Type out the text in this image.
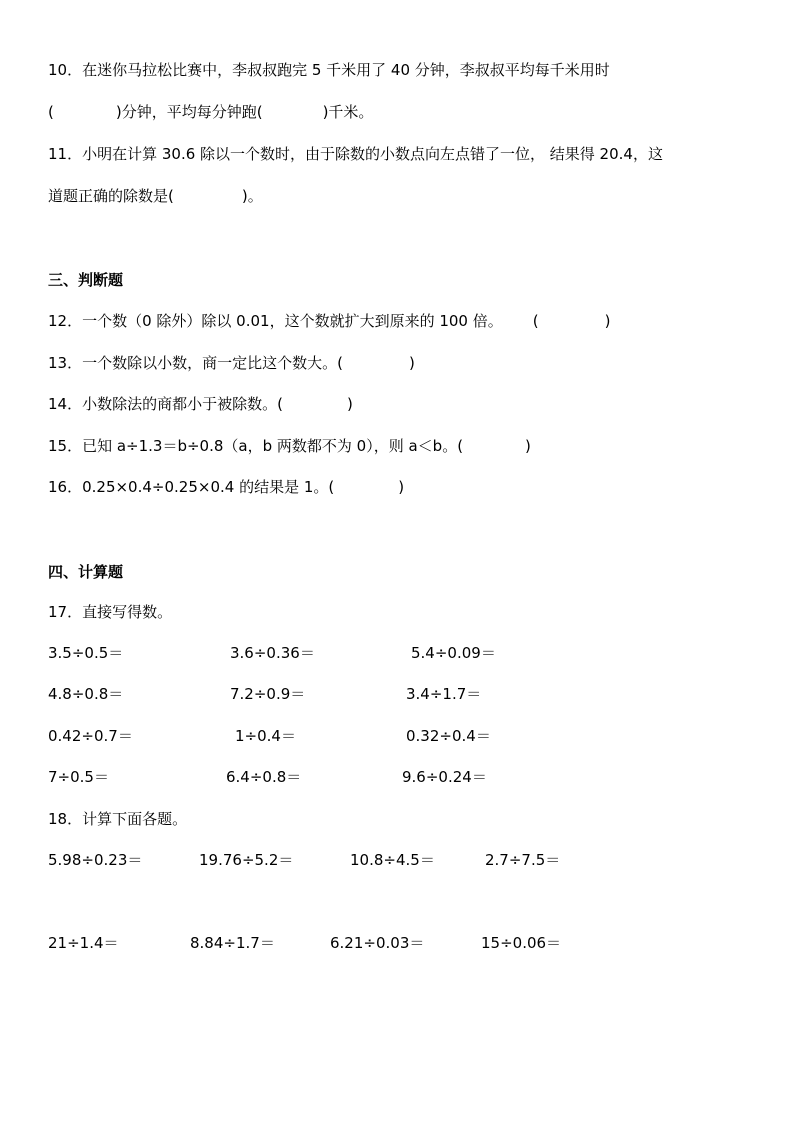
10．在迷你马拉松比赛中，李叔叔跑完 5 千米用了 40 分钟，李叔叔平均每千米用时
(	)分钟，平均每分钟跑(	)千米。
11．小明在计算 30.6 除以一个数时，由于除数的小数点向左点错了一位， 结果得 20.4，这
道题正确的除数是(	)。
三、判断题
12．一个数（0 除外）除以 0.01，这个数就扩大到原来的 100 倍。 (	)
13．一个数除以小数，商一定比这个数大。(	)
14．小数除法的商都小于被除数。(	)
15．已知 a÷1.3＝b÷0.8（a，b 两数都不为 0），则 a＜b。(	)
16．0.25×0.4÷0.25×0.4 的结果是 1。(	)
四、计算题
17．直接写得数。
3.5÷0.5＝	3.6÷0.36＝	5.4÷0.09＝
4.8÷0.8＝	7.2÷0.9＝	3.4÷1.7＝
0.42÷0.7＝	1÷0.4＝	0.32÷0.4＝
7÷0.5＝	6.4÷0.8＝	9.6÷0.24＝
18．计算下面各题。
5.98÷0.23＝	19.76÷5.2＝	10.8÷4.5＝	2.7÷7.5＝
21÷1.4＝	8.84÷1.7＝	6.21÷0.03＝	15÷0.06＝
